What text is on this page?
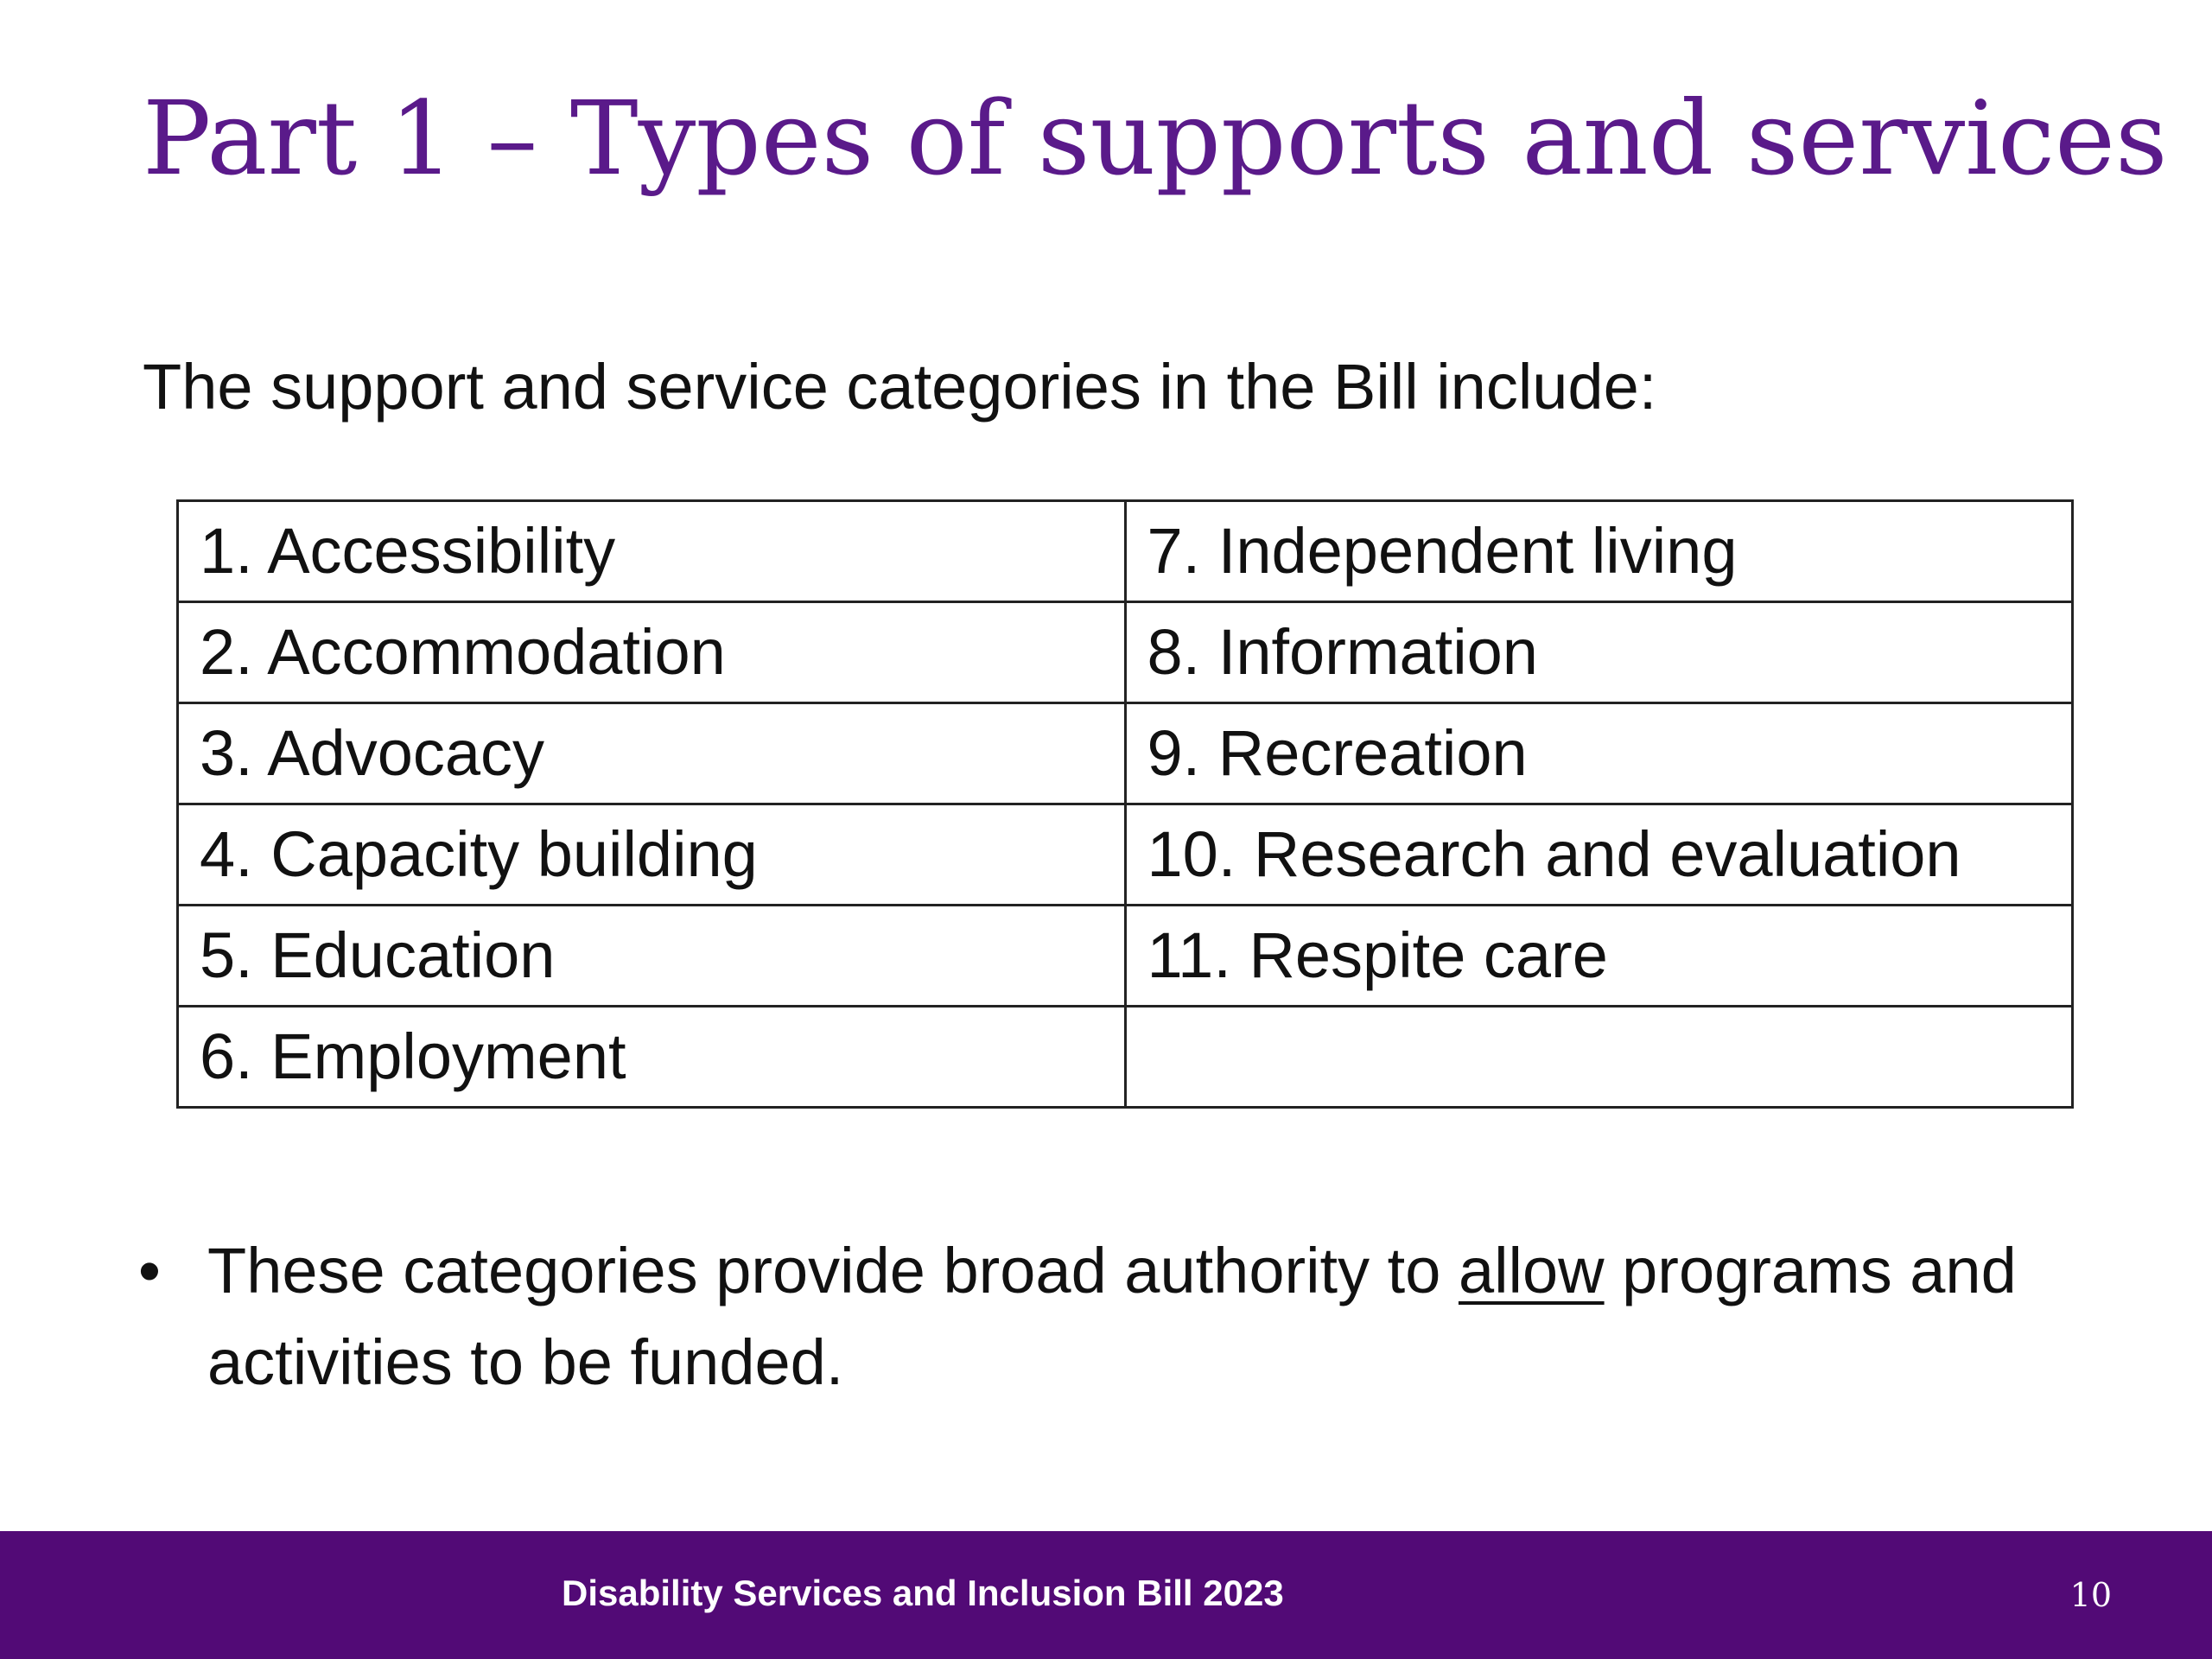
Part 1 – Types of supports and services

The support and service categories in the Bill include:

1. Accessibility	7. Independent living
2. Accommodation	8. Information
3. Advocacy	9. Recreation
4. Capacity building	10. Research and evaluation
5. Education	11. Respite care
6. Employment	
• These categories provide broad authority to allow programs and activities to be funded.
Disability Services and Inclusion Bill 2023	10
